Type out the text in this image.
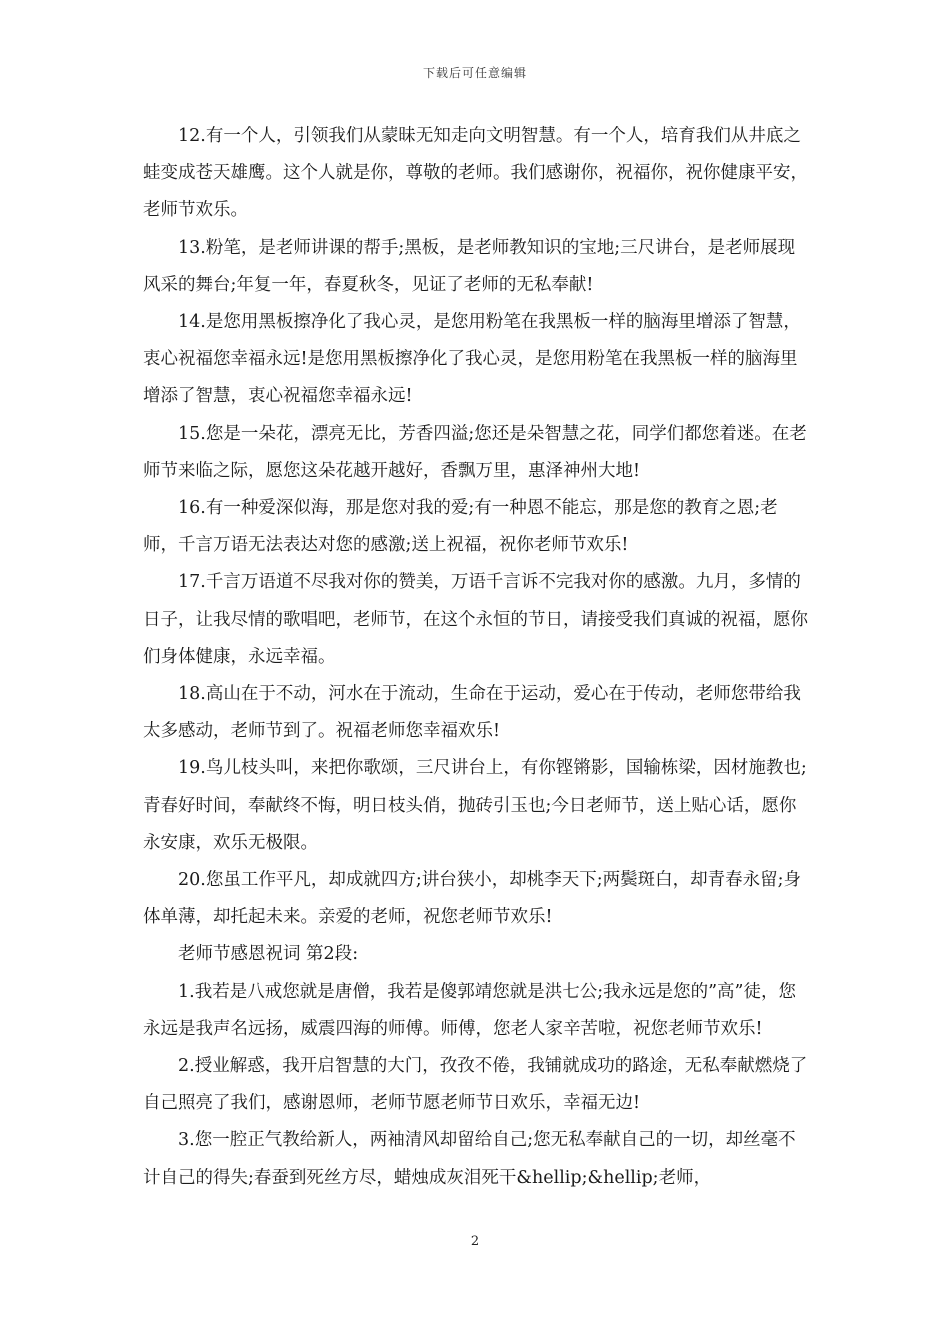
下载后可任意编辑

12.有一个人，引领我们从蒙昧无知走向文明智慧。有一个人，培育我们从井底之蛙变成苍天雄鹰。这个人就是你，尊敬的老师。我们感谢你，祝福你，祝你健康平安，老师节欢乐。

13.粉笔，是老师讲课的帮手;黑板，是老师教知识的宝地;三尺讲台，是老师展现风采的舞台;年复一年，春夏秋冬，见证了老师的无私奉献!

14.是您用黑板擦净化了我心灵，是您用粉笔在我黑板一样的脑海里增添了智慧，衷心祝福您幸福永远!是您用黑板擦净化了我心灵，是您用粉笔在我黑板一样的脑海里增添了智慧，衷心祝福您幸福永远!

15.您是一朵花，漂亮无比，芳香四溢;您还是朵智慧之花，同学们都您着迷。在老师节来临之际，愿您这朵花越开越好，香飘万里，惠泽神州大地!

16.有一种爱深似海，那是您对我的爱;有一种恩不能忘，那是您的教育之恩;老师，千言万语无法表达对您的感激;送上祝福，祝你老师节欢乐!

17.千言万语道不尽我对你的赞美，万语千言诉不完我对你的感激。九月，多情的日子，让我尽情的歌唱吧，老师节，在这个永恒的节日，请接受我们真诚的祝福，愿你们身体健康，永远幸福。

18.高山在于不动，河水在于流动，生命在于运动，爱心在于传动，老师您带给我太多感动，老师节到了。祝福老师您幸福欢乐!

19.鸟儿枝头叫，来把你歌颂，三尺讲台上，有你铿锵影，国输栋梁，因材施教也;青春好时间，奉献终不悔，明日枝头俏，抛砖引玉也;今日老师节，送上贴心话，愿你永安康，欢乐无极限。

20.您虽工作平凡，却成就四方;讲台狭小，却桃李天下;两鬓斑白，却青春永留;身体单薄，却托起未来。亲爱的老师，祝您老师节欢乐!

老师节感恩祝词 第2段:

1.我若是八戒您就是唐僧，我若是傻郭靖您就是洪七公;我永远是您的”高”徒，您永远是我声名远扬，威震四海的师傅。师傅，您老人家辛苦啦，祝您老师节欢乐!

2.授业解惑，我开启智慧的大门，孜孜不倦，我铺就成功的路途，无私奉献燃烧了自己照亮了我们，感谢恩师，老师节愿老师节日欢乐，幸福无边!

3.您一腔正气教给新人，两袖清风却留给自己;您无私奉献自己的一切，却丝毫不计自己的得失;春蚕到死丝方尽，蜡烛成灰泪死干&hellip;&hellip;老师，

2
